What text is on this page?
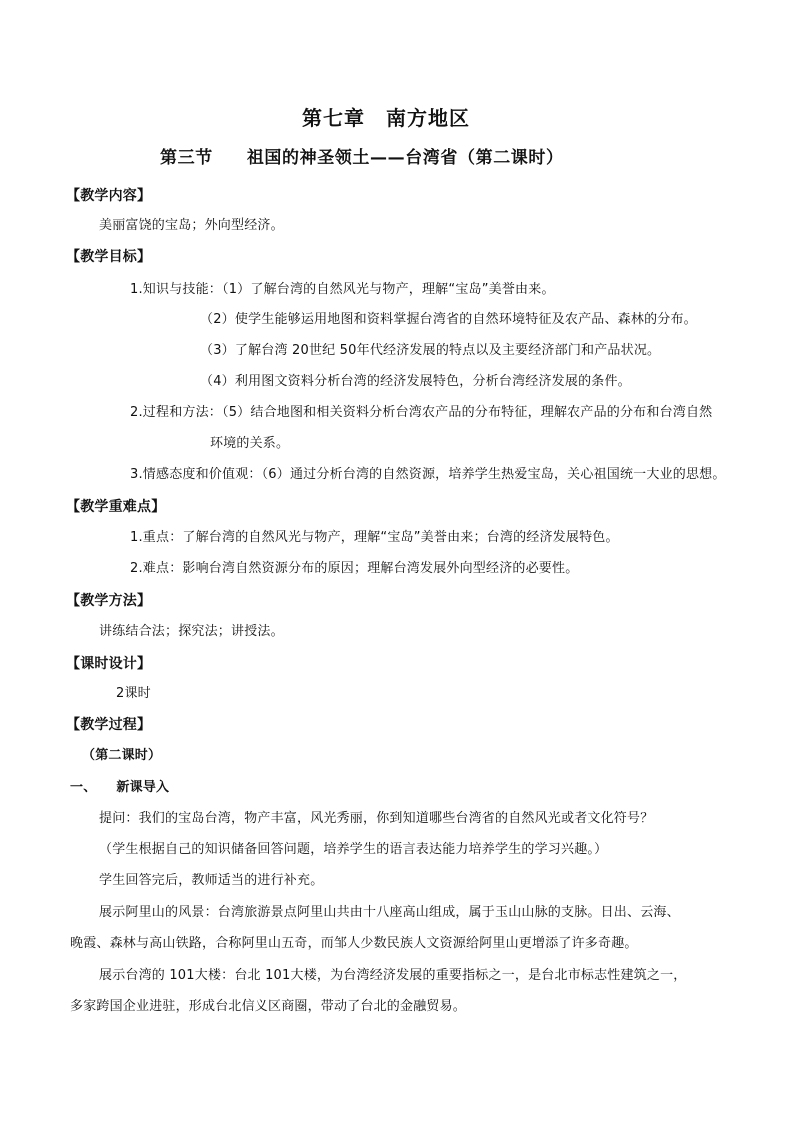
第七章　南方地区
第三节 祖国的神圣领土——台湾省（第二课时）
【教学内容】
美丽富饶的宝岛；外向型经济。
【教学目标】
1.知识与技能：（1）了解台湾的自然风光与物产，理解“宝岛”美誉由来。
（2）使学生能够运用地图和资料掌握台湾省的自然环境特征及农产品、森林的分布。
（3）了解台湾 20世纪 50年代经济发展的特点以及主要经济部门和产品状况。
（4）利用图文资料分析台湾的经济发展特色，分析台湾经济发展的条件。
2.过程和方法：（5）结合地图和相关资料分析台湾农产品的分布特征，理解农产品的分布和台湾自然
环境的关系。
3.情感态度和价值观：（6）通过分析台湾的自然资源，培养学生热爱宝岛，关心祖国统一大业的思想。
【教学重难点】
1.重点：了解台湾的自然风光与物产，理解“宝岛”美誉由来；台湾的经济发展特色。
2.难点：影响台湾自然资源分布的原因；理解台湾发展外向型经济的必要性。
【教学方法】
讲练结合法；探究法；讲授法。
【课时设计】
2课时
【教学过程】
（第二课时）
一、 新课导入
提问：我们的宝岛台湾，物产丰富，风光秀丽，你到知道哪些台湾省的自然风光或者文化符号？
（学生根据自己的知识储备回答问题，培养学生的语言表达能力培养学生的学习兴趣。）
学生回答完后，教师适当的进行补充。
展示阿里山的风景：台湾旅游景点阿里山共由十八座高山组成，属于玉山山脉的支脉。日出、云海、
晚霞、森林与高山铁路，合称阿里山五奇，而邹人少数民族人文资源给阿里山更增添了许多奇趣。
展示台湾的 101大楼：台北 101大楼，为台湾经济发展的重要指标之一，是台北市标志性建筑之一，
多家跨国企业进驻，形成台北信义区商圈，带动了台北的金融贸易。
